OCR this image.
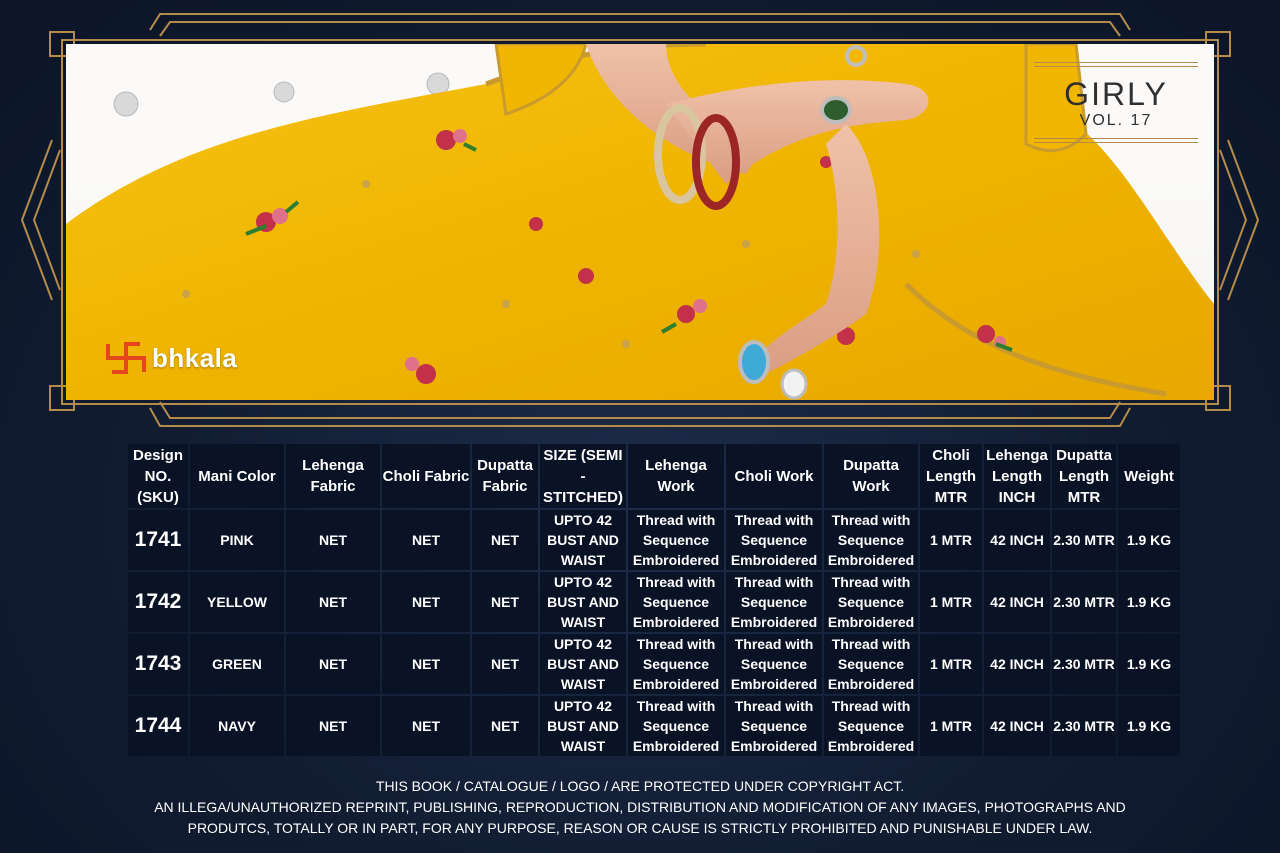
bhkala
GIRLY
VOL. 17
Design NO. (SKU)	Mani Color	Lehenga Fabric	Choli Fabric	Dupatta Fabric	SIZE (SEMI - STITCHED)	Lehenga Work	Choli Work	Dupatta Work	Choli Length MTR	Lehenga Length INCH	Dupatta Length MTR	Weight
1741	PINK	NET	NET	NET	UPTO 42 BUST AND WAIST	Thread with Sequence Embroidered	Thread with Sequence Embroidered	Thread with Sequence Embroidered	1 MTR	42 INCH	2.30 MTR	1.9 KG
1742	YELLOW	NET	NET	NET	UPTO 42 BUST AND WAIST	Thread with Sequence Embroidered	Thread with Sequence Embroidered	Thread with Sequence Embroidered	1 MTR	42 INCH	2.30 MTR	1.9 KG
1743	GREEN	NET	NET	NET	UPTO 42 BUST AND WAIST	Thread with Sequence Embroidered	Thread with Sequence Embroidered	Thread with Sequence Embroidered	1 MTR	42 INCH	2.30 MTR	1.9 KG
1744	NAVY	NET	NET	NET	UPTO 42 BUST AND WAIST	Thread with Sequence Embroidered	Thread with Sequence Embroidered	Thread with Sequence Embroidered	1 MTR	42 INCH	2.30 MTR	1.9 KG
THIS BOOK / CATALOGUE / LOGO / ARE PROTECTED UNDER COPYRIGHT ACT.
AN ILLEGA/UNAUTHORIZED REPRINT, PUBLISHING, REPRODUCTION, DISTRIBUTION AND MODIFICATION OF ANY IMAGES, PHOTOGRAPHS AND
PRODUTCS, TOTALLY OR IN PART, FOR ANY PURPOSE, REASON OR CAUSE IS STRICTLY PROHIBITED AND PUNISHABLE UNDER LAW.
